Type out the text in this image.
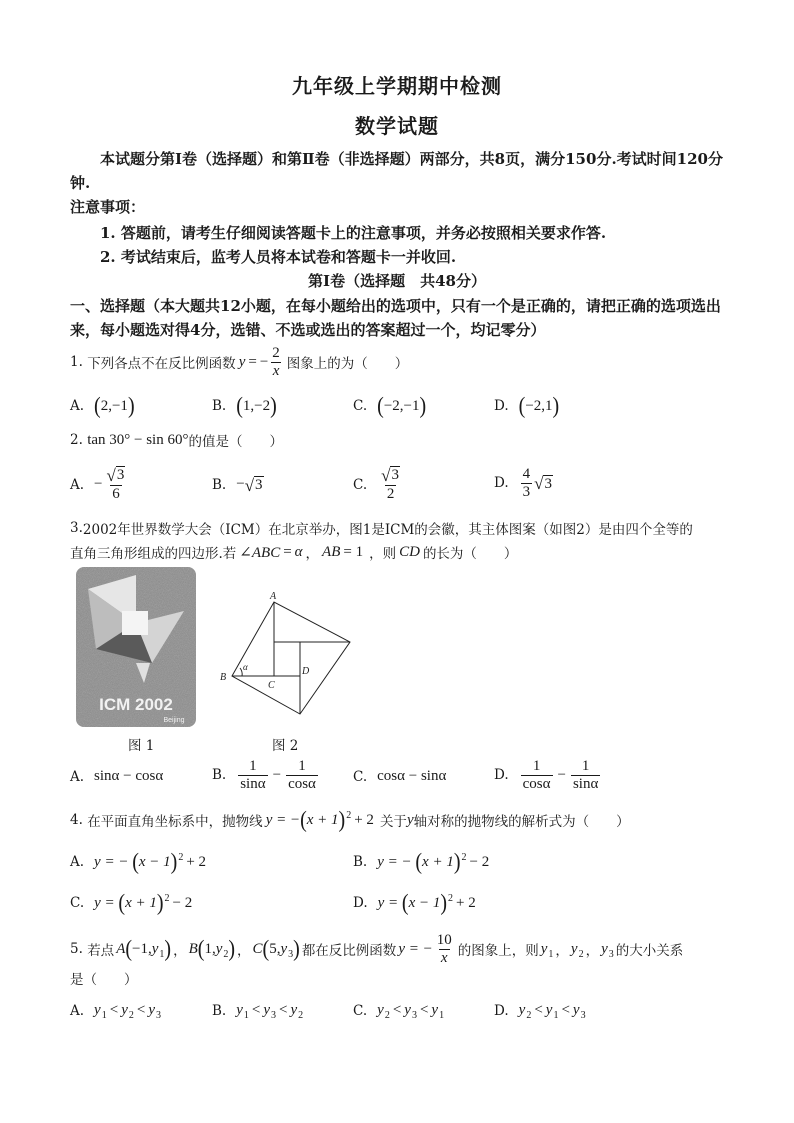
九年级上学期期中检测
数学试题
本试题分第Ⅰ卷（选择题）和第Ⅱ卷（非选择题）两部分，共8页，满分150分.考试时间120分钟.
注意事项：
1. 答题前，请考生仔细阅读答题卡上的注意事项，并务必按照相关要求作答.
2. 考试结束后，监考人员将本试卷和答题卡一并收回.
第Ⅰ卷（选择题　共48分）
一、选择题（本大题共12小题，在每小题给出的选项中，只有一个是正确的，请把正确的选项选出来，每小题选对得4分，选错、不选或选出的答案超过一个，均记零分）
1.
下列各点不在反比例函数 y = − $\frac{2}{x}$ 图象上的为（　　）
A. ( 2,−1 )	B. ( 1,−2 )	C. ( −2,−1 )	D. ( −2,1 )
2.
tan 30° − sin 60° 的值是（　　）
A. − $\frac{√ 3}{6}$	B. − √ 3	C. $\frac{√ 3}{2}$	D. $\frac{4}{3}$ √ 3
3. 2002年世界数学大会（ICM）在北京举办，图1是ICM的会徽，其主体图案（如图2）是由四个全等的
直角三角形组成的四边形.若 ∠ABC = α ， AB = 1 ，则 CD 的长为（　　）
ICM 2002
Beijing
A
B
C
D
α
图 1	图 2
A. sinα − cosα	B. $\frac{1}{\sin\alpha} - \frac{1}{\cos\alpha}$	C. cosα − sinα	D. $\frac{1}{\cos\alpha} - \frac{1}{\sin\alpha}$
4.
在平面直角坐标系中，抛物线 y = − ( x + 1 ) 2 + 2 关于 y 轴对称的抛物线的解析式为（　　）
A. y = −
( x − 1 ) 2 + 2	B. y = −
( x + 1 ) 2 − 2
C. y =
( x + 1 ) 2 − 2	D. y =
( x − 1 ) 2 + 2
5.
若点 A ( −1, y 1 ) ， B ( 1, y 2 ) ， C ( 5, y 3 ) 都在反比例函数 y = − $\frac{10}{x}$ 的图象上，则 y 1 ， y 2 ， y 3 的大小关系
是（　　）
A. y 1 < y 2 < y 3	B. y 1 < y 3 < y 2	C. y 2 < y 3 < y 1	D. y 2 < y 1 < y 3
